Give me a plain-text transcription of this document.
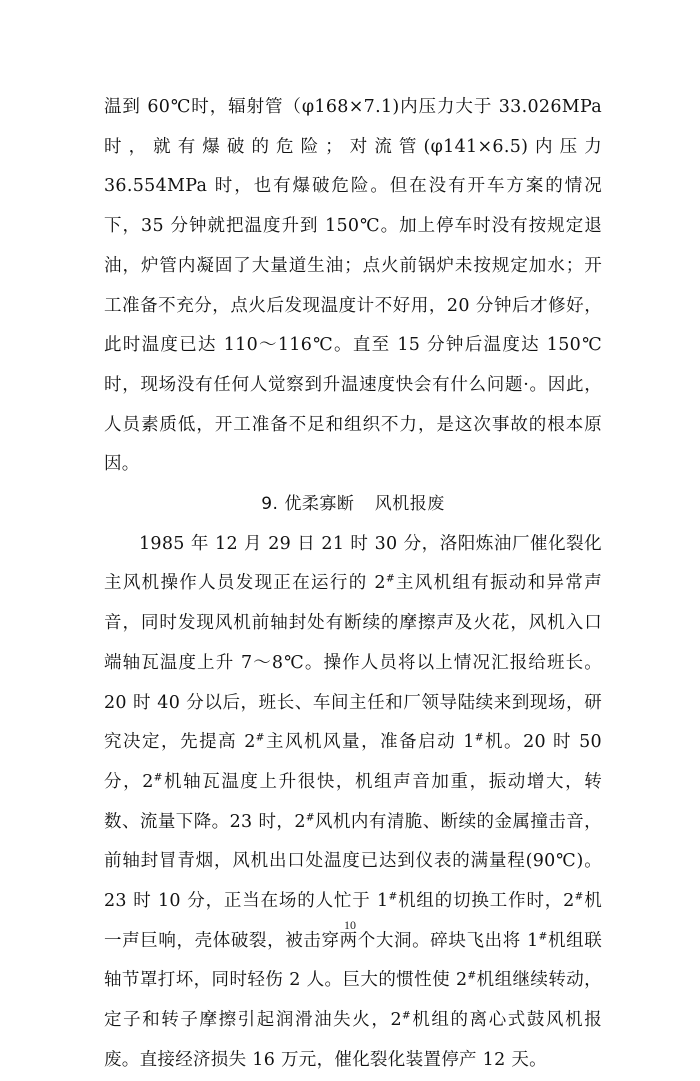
温到 60℃时，辐射管（φ168×7.1)内压力大于 33.026MPa 时，就有爆破的危险；对流管(φ141×6.5)内压力 36.554MPa 时，也有爆破危险。但在没有开车方案的情况下，35 分钟就把温度升到 150℃。加上停车时没有按规定退油，炉管内凝固了大量道生油；点火前锅炉未按规定加水；开工准备不充分，点火后发现温度计不好用，20 分钟后才修好，此时温度已达 110～116℃。直至 15 分钟后温度达 150℃时，现场没有任何人觉察到升温速度快会有什么问题·。因此，人员素质低，开工准备不足和组织不力，是这次事故的根本原因。

9. 优柔寡断 风机报废

1985 年 12 月 29 日 21 时 30 分，洛阳炼油厂催化裂化主风机操作人员发现正在运行的 2#主风机组有振动和异常声音，同时发现风机前轴封处有断续的摩擦声及火花，风机入口端轴瓦温度上升 7～8℃。操作人员将以上情况汇报给班长。20 时 40 分以后，班长、车间主任和厂领导陆续来到现场，研究决定，先提高 2#主风机风量，准备启动 1#机。20 时 50 分，2#机轴瓦温度上升很快，机组声音加重，振动增大，转数、流量下降。23 时，2#风机内有清脆、断续的金属撞击音，前轴封冒青烟，风机出口处温度已达到仪表的满量程(90℃)。23 时 10 分，正当在场的人忙于 1#机组的切换工作时，2#机一声巨响，壳体破裂，被击穿两个大洞。碎块飞出将 1#机组联轴节罩打坏，同时轻伤 2 人。巨大的惯性使 2#机组继续转动，定子和转子摩擦引起润滑油失火，2#机组的离心式鼓风机报废。直接经济损失 16 万元，催化裂化装置停产 12 天。

10
